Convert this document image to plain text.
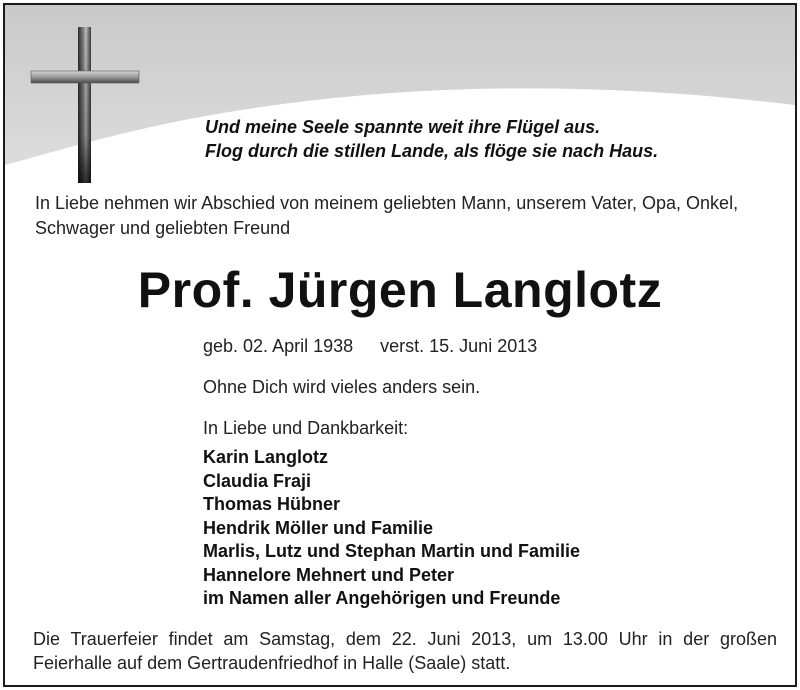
Und meine Seele spannte weit ihre Flügel aus.
Flog durch die stillen Lande, als flöge sie nach Haus.
In Liebe nehmen wir Abschied von meinem geliebten Mann, unserem Vater, Opa, Onkel, Schwager und geliebten Freund
Prof. Jürgen Langlotz
geb. 02. April 1938 verst. 15. Juni 2013
Ohne Dich wird vieles anders sein.
In Liebe und Dankbarkeit:
Karin Langlotz
Claudia Fraji
Thomas Hübner
Hendrik Möller und Familie
Marlis, Lutz und Stephan Martin und Familie
Hannelore Mehnert und Peter
im Namen aller Angehörigen und Freunde
Die Trauerfeier findet am Samstag, dem 22. Juni 2013, um 13.00 Uhr in der großen Feierhalle auf dem Gertraudenfriedhof in Halle (Saale) statt.
